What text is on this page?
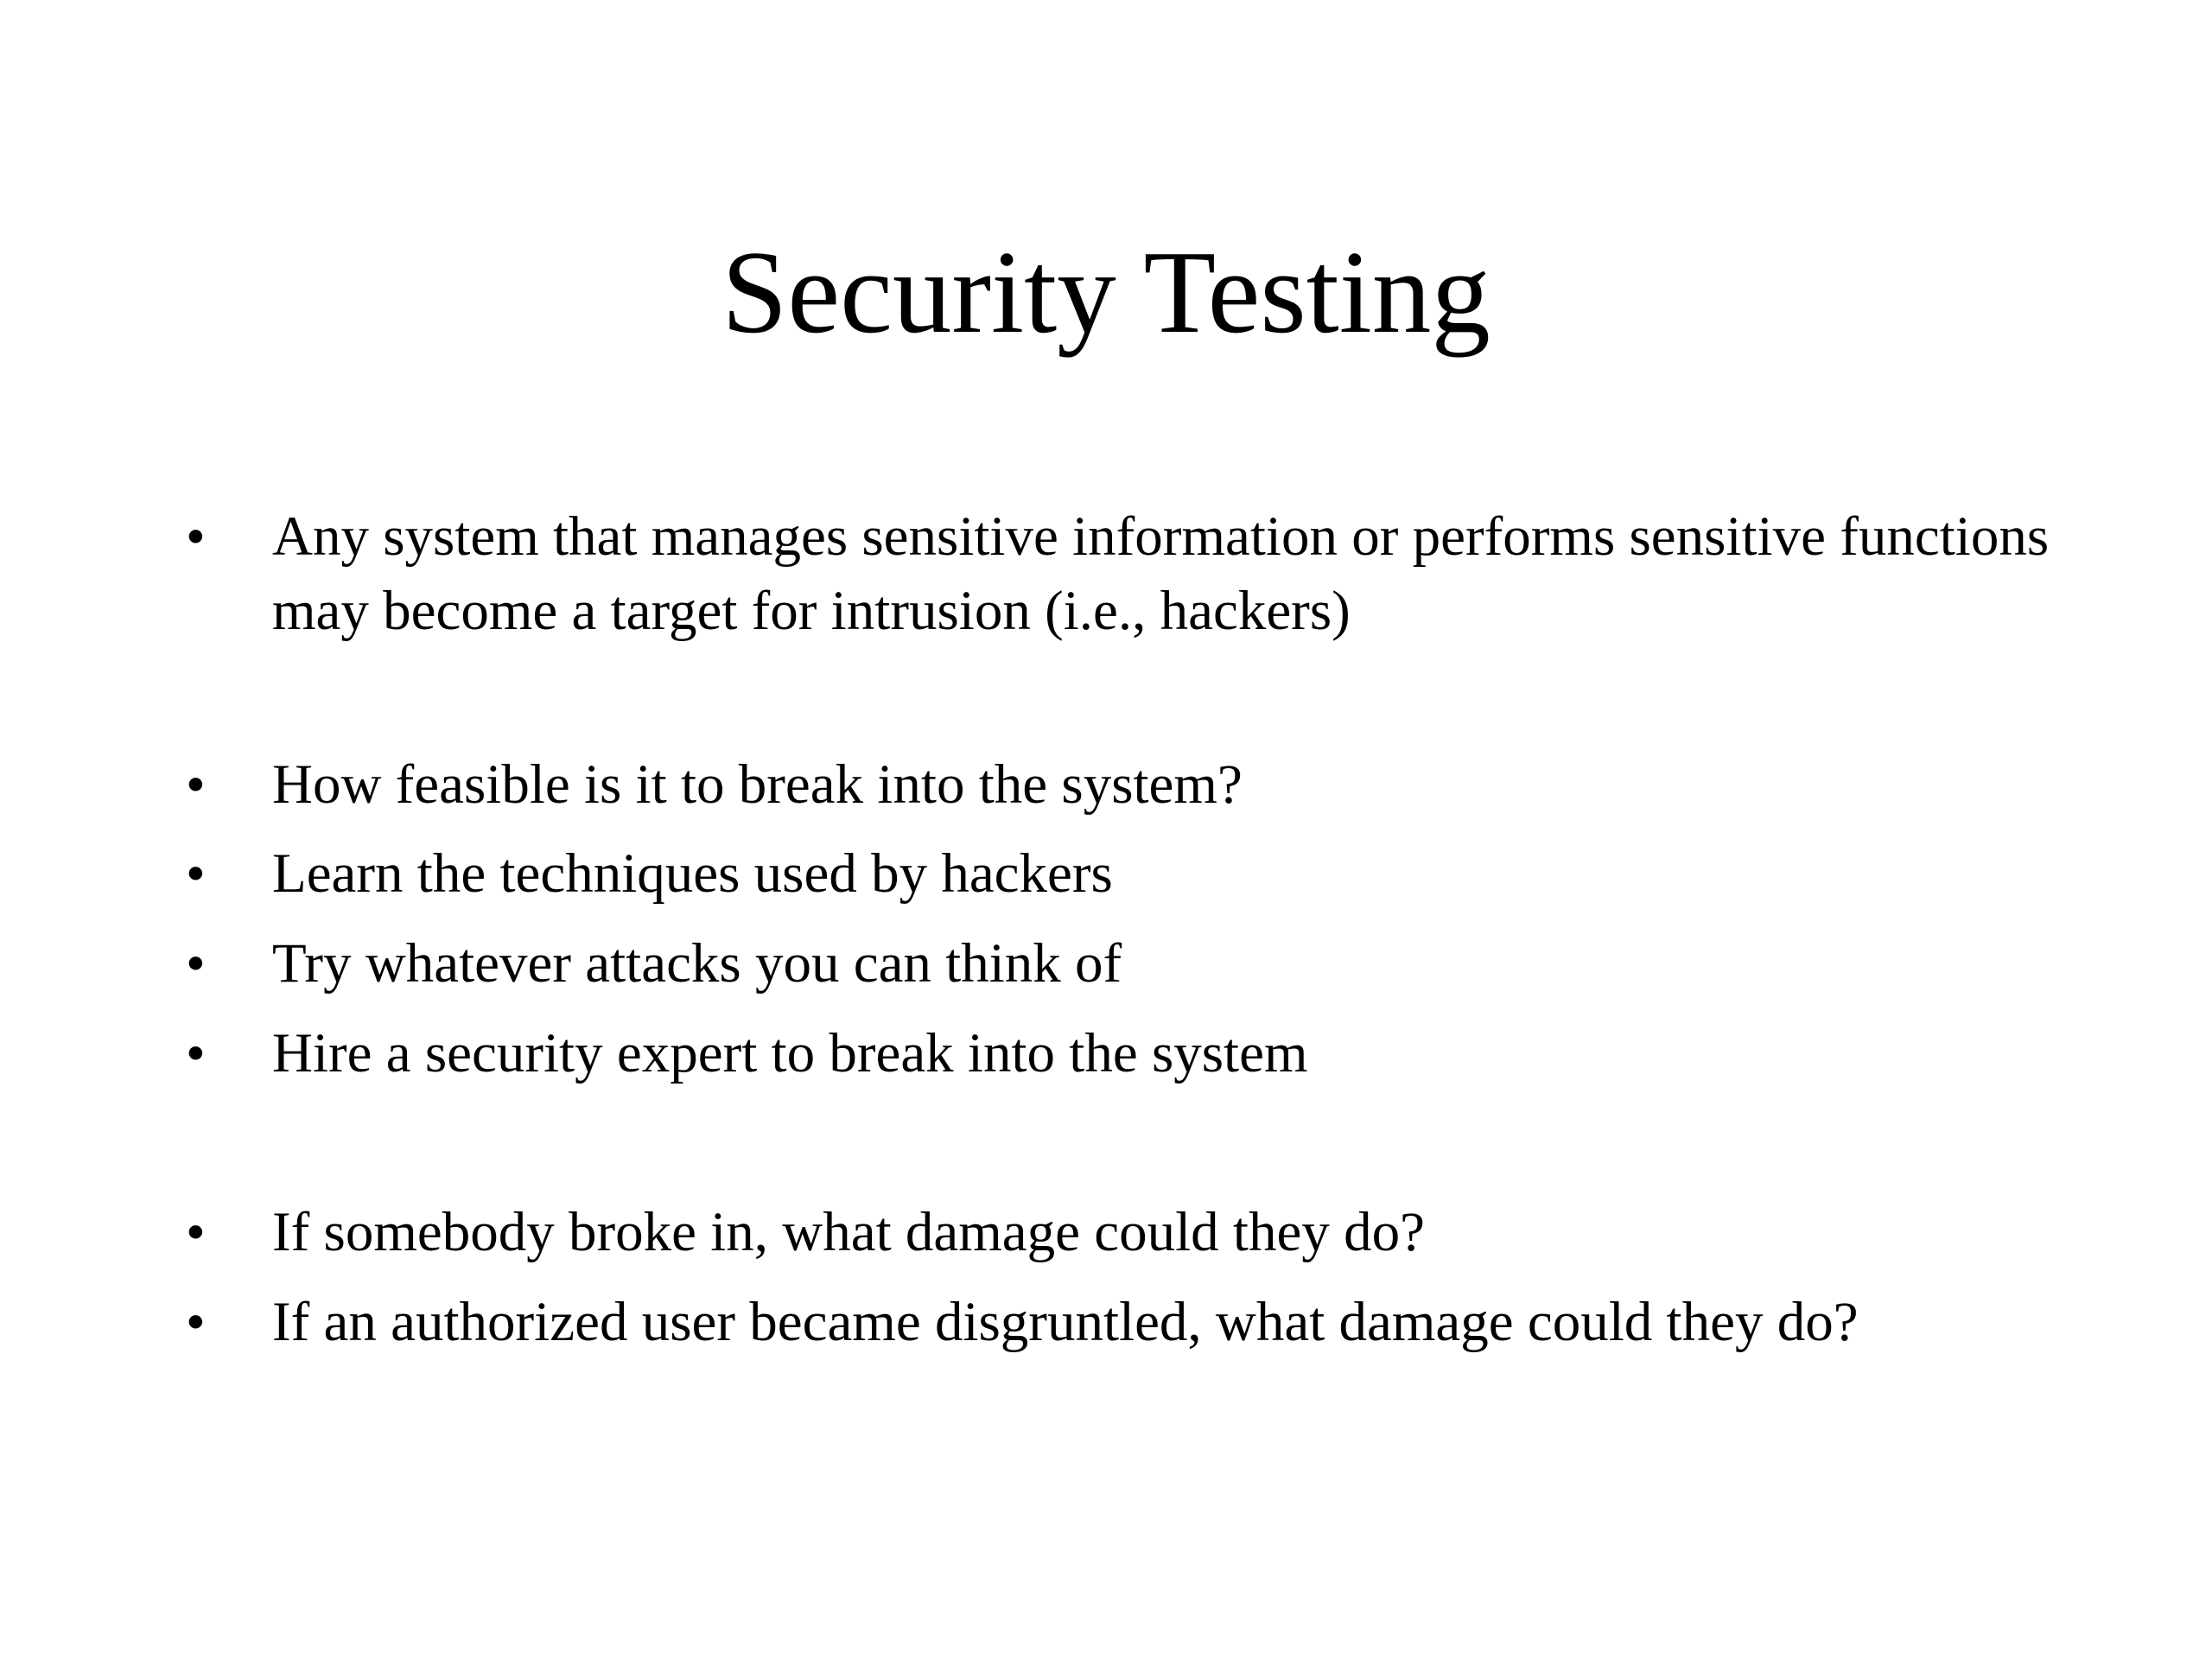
Security Testing
•	Any system that manages sensitive information or performs sensitive functions may become a target for intrusion (i.e., hackers)
•	How feasible is it to break into the system?
•	Learn the techniques used by hackers
•	Try whatever attacks you can think of
•	Hire a security expert to break into the system
•	If somebody broke in, what damage could they do?
•	If an authorized user became disgruntled, what damage could they do?
